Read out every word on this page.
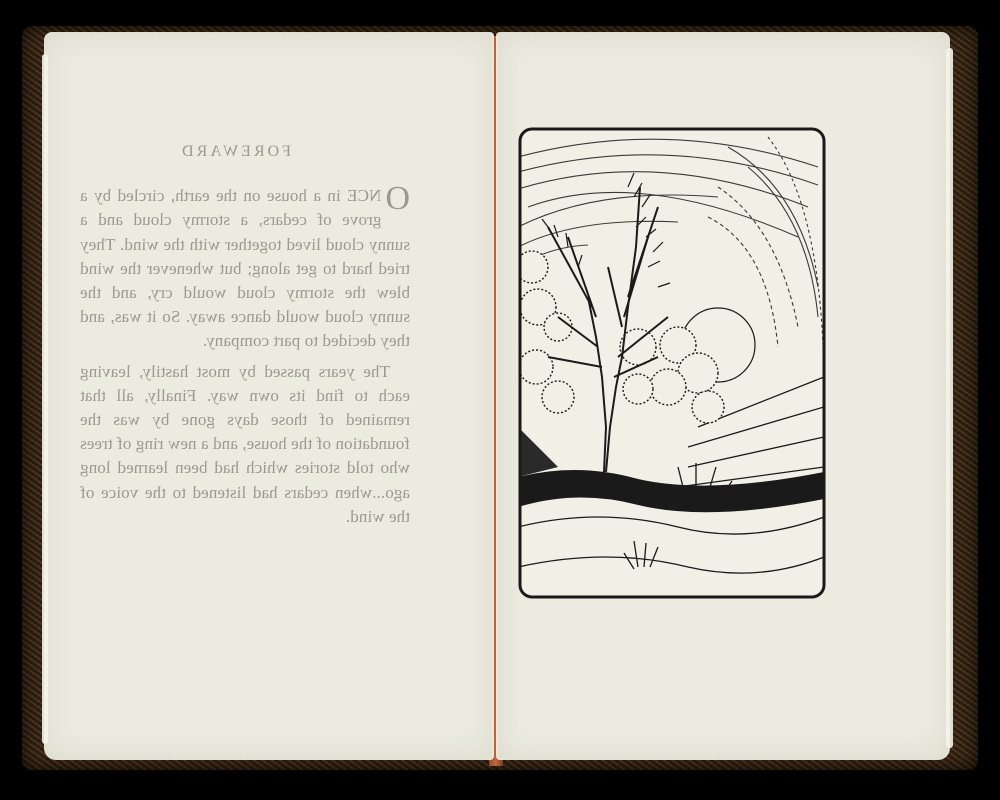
FOREWARD

O
NCE in a house on the earth, circled by a grove of cedars, a stormy cloud and a sunny cloud lived together with the wind. They tried hard to get along; but whenever the wind blew the stormy cloud would cry, and the sunny cloud would dance away. So it was, and they decided to part company.

The years passed by most hastily, leaving each to find its own way. Finally, all that remained of those days gone by was the foundation of the house, and a new ring of trees who told stories which had been learned long ago...when cedars had listened to the voice of the wind.
